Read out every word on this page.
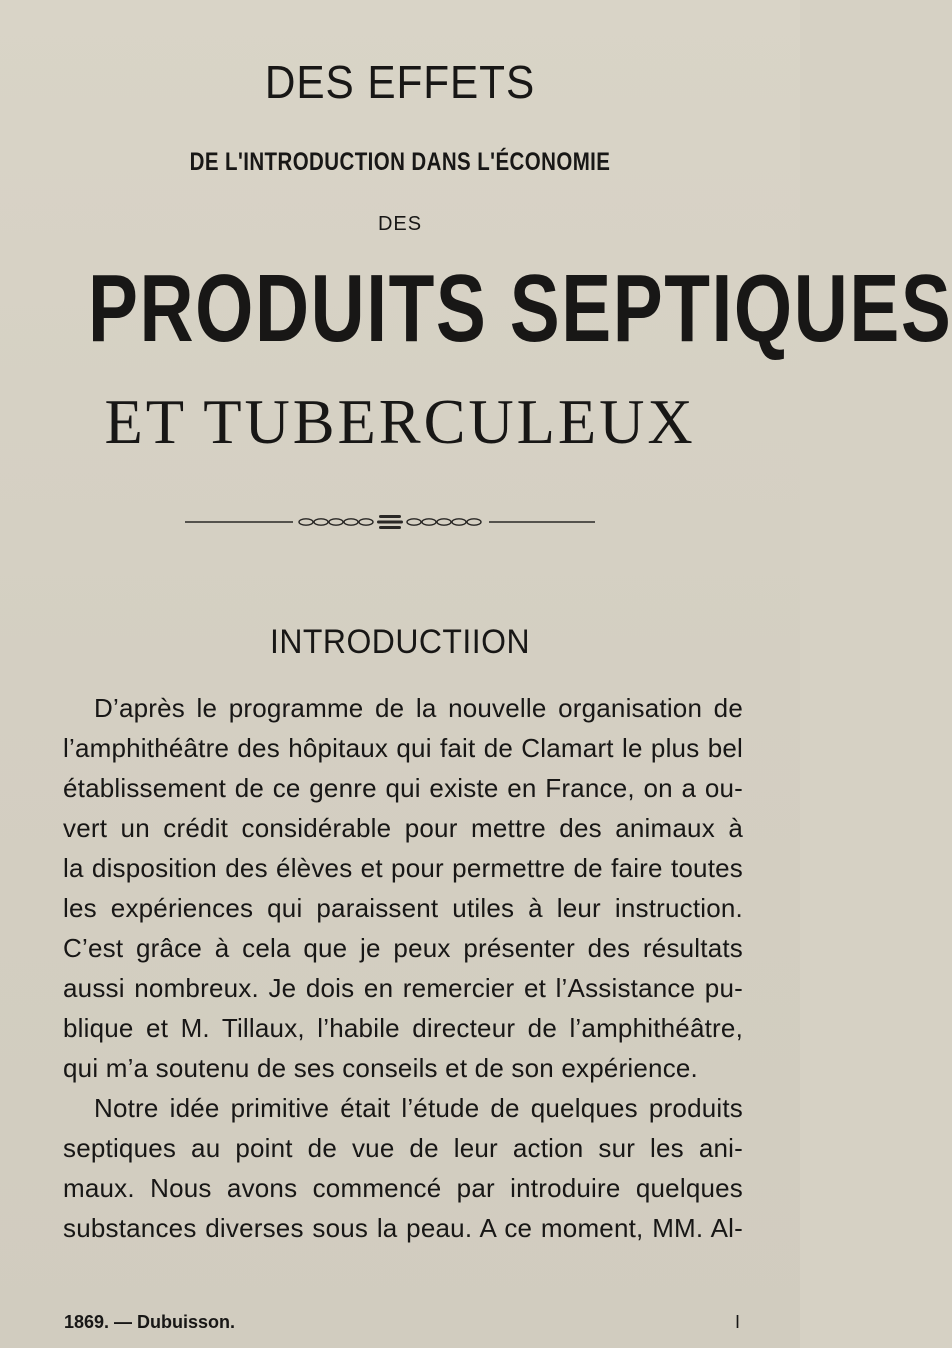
DES EFFETS
DE L'INTRODUCTION DANS L'ÉCONOMIE
DES
PRODUITS SEPTIQUES
ET TUBERCULEUX
INTRODUCTIION
D’après le programme de la nouvelle organisation de
l’amphithéâtre des hôpitaux qui fait de Clamart le plus bel
établissement de ce genre qui existe en France, on a ou-
vert un crédit considérable pour mettre des animaux à
la disposition des élèves et pour permettre de faire toutes
les expériences qui paraissent utiles à leur instruction.
C’est grâce à cela que je peux présenter des résultats
aussi nombreux. Je dois en remercier et l’Assistance pu-
blique et M. Tillaux, l’habile directeur de l’amphithéâtre,
qui m’a soutenu de ses conseils et de son expérience.
Notre idée primitive était l’étude de quelques produits
septiques au point de vue de leur action sur les ani-
maux. Nous avons commencé par introduire quelques
substances diverses sous la peau. A ce moment, MM. Al-
1869. — Dubuisson.	I
